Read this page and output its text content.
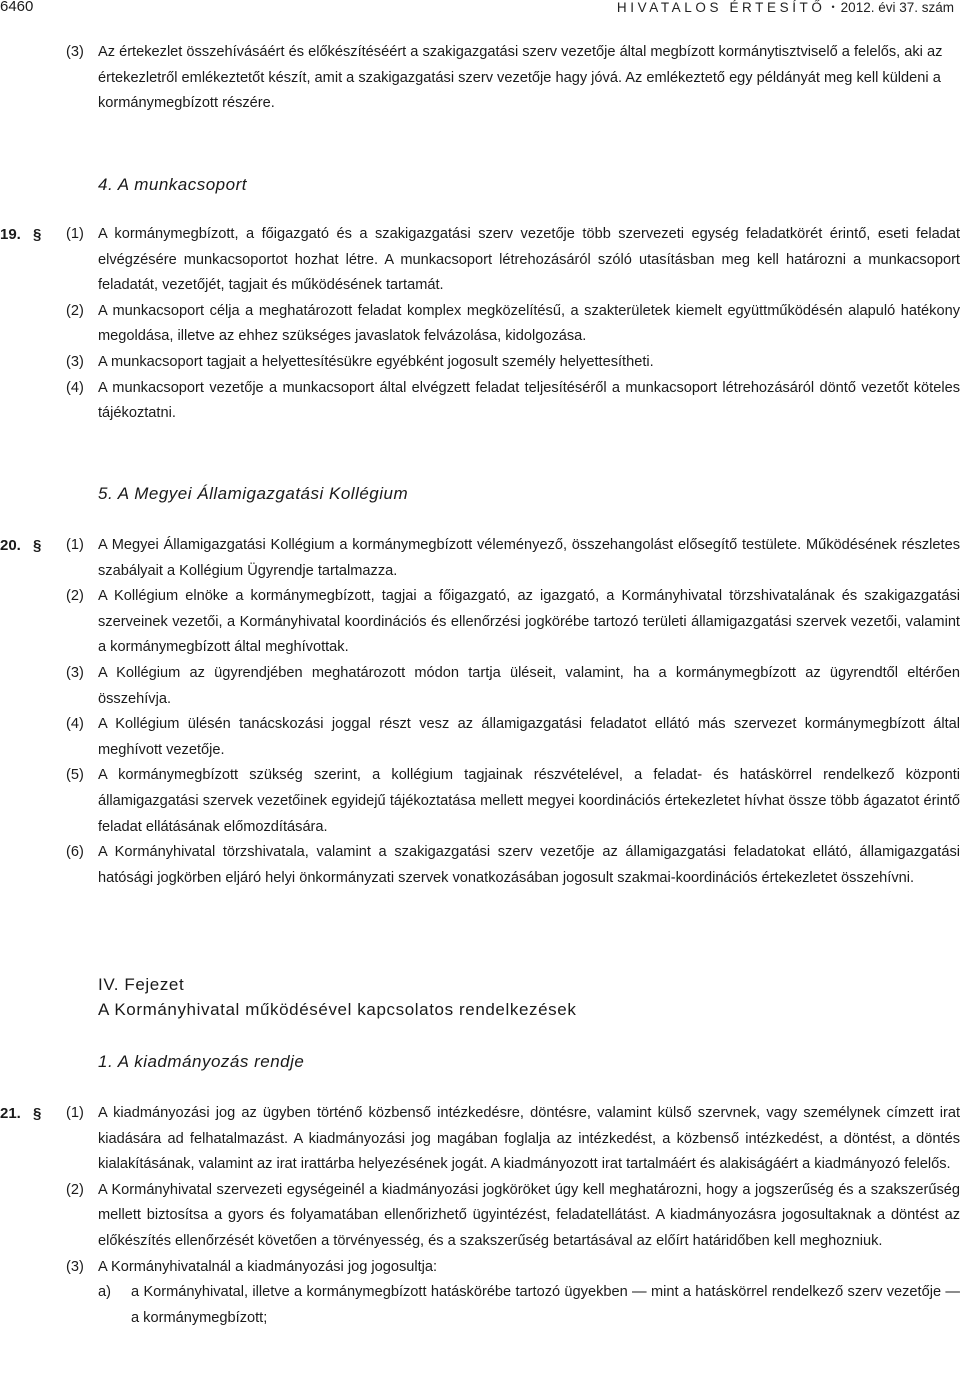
6460	HIVATALOS ÉRTESÍTŐ • 2012. évi 37. szám
(3) Az értekezlet összehívásáért és előkészítéséért a szakigazgatási szerv vezetője által megbízott kormánytisztviselő a felelős, aki az értekezletről emlékeztetőt készít, amit a szakigazgatási szerv vezetője hagy jóvá. Az emlékeztető egy példányát meg kell küldeni a kormánymegbízott részére.
4. A munkacsoport
19. § (1) A kormánymegbízott, a főigazgató és a szakigazgatási szerv vezetője több szervezeti egység feladatkörét érintő, eseti feladat elvégzésére munkacsoportot hozhat létre. A munkacsoport létrehozásáról szóló utasításban meg kell határozni a munkacsoport feladatát, vezetőjét, tagjait és működésének tartamát.
(2) A munkacsoport célja a meghatározott feladat komplex megközelítésű, a szakterületek kiemelt együttműködésén alapuló hatékony megoldása, illetve az ehhez szükséges javaslatok felvázolása, kidolgozása.
(3) A munkacsoport tagjait a helyettesítésükre egyébként jogosult személy helyettesítheti.
(4) A munkacsoport vezetője a munkacsoport által elvégzett feladat teljesítéséről a munkacsoport létrehozásáról döntő vezetőt köteles tájékoztatni.
5. A Megyei Államigazgatási Kollégium
20. § (1) A Megyei Államigazgatási Kollégium a kormánymegbízott véleményező, összehangolást elősegítő testülete. Működésének részletes szabályait a Kollégium Ügyrendje tartalmazza.
(2) A Kollégium elnöke a kormánymegbízott, tagjai a főigazgató, az igazgató, a Kormányhivatal törzshivatalának és szakigazgatási szerveinek vezetői, a Kormányhivatal koordinációs és ellenőrzési jogkörébe tartozó területi államigazgatási szervek vezetői, valamint a kormánymegbízott által meghívottak.
(3) A Kollégium az ügyrendjében meghatározott módon tartja üléseit, valamint, ha a kormánymegbízott az ügyrendtől eltérően összehívja.
(4) A Kollégium ülésén tanácskozási joggal részt vesz az államigazgatási feladatot ellátó más szervezet kormánymegbízott által meghívott vezetője.
(5) A kormánymegbízott szükség szerint, a kollégium tagjainak részvételével, a feladat- és hatáskörrel rendelkező központi államigazgatási szervek vezetőinek egyidejű tájékoztatása mellett megyei koordinációs értekezletet hívhat össze több ágazatot érintő feladat ellátásának előmozdítására.
(6) A Kormányhivatal törzshivatala, valamint a szakigazgatási szerv vezetője az államigazgatási feladatokat ellátó, államigazgatási hatósági jogkörben eljáró helyi önkormányzati szervek vonatkozásában jogosult szakmai-koordinációs értekezletet összehívni.
IV. Fejezet
A Kormányhivatal működésével kapcsolatos rendelkezések
1. A kiadmányozás rendje
21. § (1) A kiadmányozási jog az ügyben történő közbenső intézkedésre, döntésre, valamint külső szervnek, vagy személynek címzett irat kiadására ad felhatalmazást. A kiadmányozási jog magában foglalja az intézkedést, a közbenső intézkedést, a döntést, a döntés kialakításának, valamint az irat irattárba helyezésének jogát. A kiadmányozott irat tartalmáért és alakiságáért a kiadmányozó felelős.
(2) A Kormányhivatal szervezeti egységeinél a kiadmányozási jogköröket úgy kell meghatározni, hogy a jogszerűség és a szakszerűség mellett biztosítsa a gyors és folyamatában ellenőrizhető ügyintézést, feladatellátást. A kiadmányozásra jogosultaknak a döntést az előkészítés ellenőrzését követően a törvényesség, és a szakszerűség betartásával az előírt határidőben kell meghozniuk.
(3) A Kormányhivatalnál a kiadmányozási jog jogosultja:
a) a Kormányhivatal, illetve a kormánymegbízott hatáskörébe tartozó ügyekben — mint a hatáskörrel rendelkező szerv vezetője — a kormánymegbízott;
